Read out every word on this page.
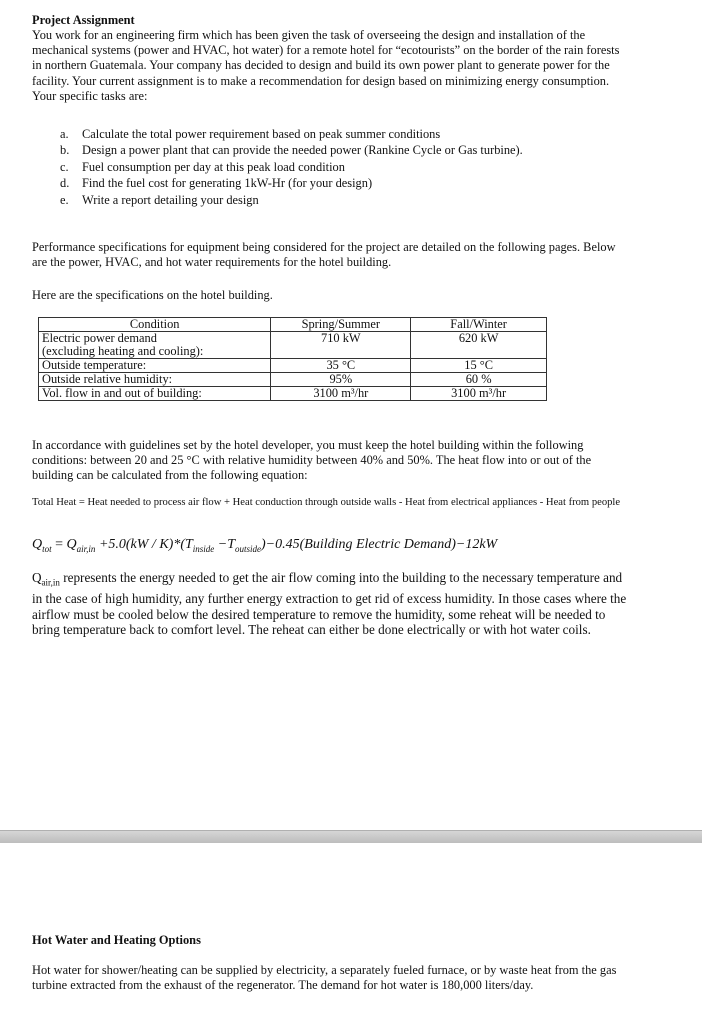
Project Assignment

You work for an engineering firm which has been given the task of overseeing the design and installation of the mechanical systems (power and HVAC, hot water) for a remote hotel for “ecotourists” on the border of the rain forests in northern Guatemala. Your company has decided to design and build its own power plant to generate power for the facility. Your current assignment is to make a recommendation for design based on minimizing energy consumption. Your specific tasks are:

a. Calculate the total power requirement based on peak summer conditions
b. Design a power plant that can provide the needed power (Rankine Cycle or Gas turbine).
c. Fuel consumption per day at this peak load condition
d. Find the fuel cost for generating 1kW-Hr (for your design)
e. Write a report detailing your design

Performance specifications for equipment being considered for the project are detailed on the following pages. Below are the power, HVAC, and hot water requirements for the hotel building.

Here are the specifications on the hotel building.

Condition	Spring/Summer	Fall/Winter
Electric power demand
(excluding heating and cooling):	710 kW	620 kW
Outside temperature:	35 °C	15 °C
Outside relative humidity:	95%	60 %
Vol. flow in and out of building:	3100 m³/hr	3100 m³/hr

In accordance with guidelines set by the hotel developer, you must keep the hotel building within the following conditions: between 20 and 25 °C with relative humidity between 40% and 50%. The heat flow into or out of the building can be calculated from the following equation:

Total Heat = Heat needed to process air flow + Heat conduction through outside walls - Heat from electrical appliances - Heat from people

$Q_{tot} = Q_{air,in} +5.0(kW / K)*(T_{inside}$ $-T_{outside})-0.45(Building$ Electric Demand)−12kW

$Q_{air,in}$ represents the energy needed to get the air flow coming into the building to the necessary temperature and in the case of high humidity, any further energy extraction to get rid of excess humidity. In those cases where the airflow must be cooled below the desired temperature to remove the humidity, some reheat will be needed to bring temperature back to comfort level. The reheat can either be done electrically or with hot water coils.

Hot Water and Heating Options
Hot water for shower/heating can be supplied by electricity, a separately fueled furnace, or by waste heat from the gas turbine extracted from the exhaust of the regenerator. The demand for hot water is 180,000 liters/day.
